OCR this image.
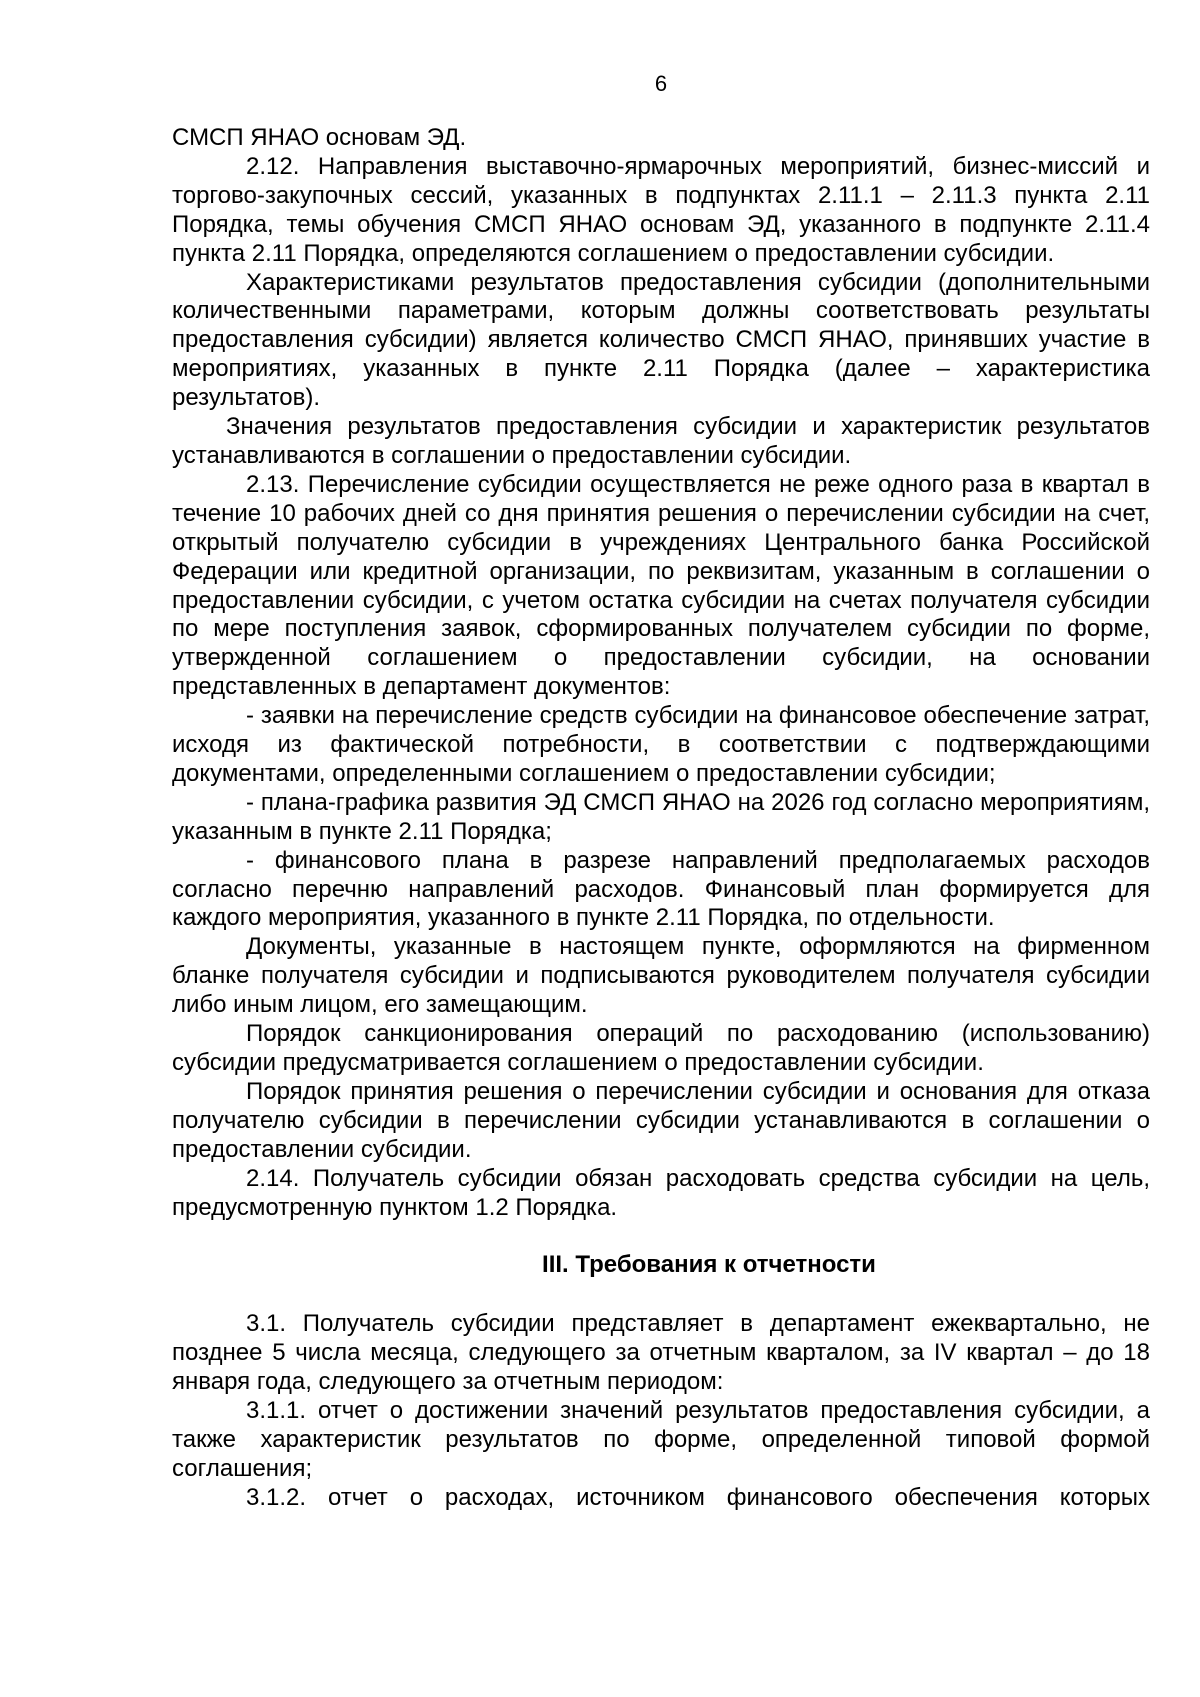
6

СМСП ЯНАО основам ЭД.

2.12. Направления выставочно-ярмарочных мероприятий, бизнес-миссий и торгово-закупочных сессий, указанных в подпунктах 2.11.1 – 2.11.3 пункта 2.11 Порядка, темы обучения СМСП ЯНАО основам ЭД, указанного в подпункте 2.11.4 пункта 2.11 Порядка, определяются соглашением о предоставлении субсидии.

Характеристиками результатов предоставления субсидии (дополнительными количественными параметрами, которым должны соответствовать результаты предоставления субсидии) является количество СМСП ЯНАО, принявших участие в мероприятиях, указанных в пункте 2.11 Порядка (далее – характеристика результатов).

Значения результатов предоставления субсидии и характеристик результатов устанавливаются в соглашении о предоставлении субсидии.

2.13. Перечисление субсидии осуществляется не реже одного раза в квартал в течение 10 рабочих дней со дня принятия решения о перечислении субсидии на счет, открытый получателю субсидии в учреждениях Центрального банка Российской Федерации или кредитной организации, по реквизитам, указанным в соглашении о предоставлении субсидии, с учетом остатка субсидии на счетах получателя субсидии по мере поступления заявок, сформированных получателем субсидии по форме, утвержденной соглашением о предоставлении субсидии, на основании представленных в департамент документов:

- заявки на перечисление средств субсидии на финансовое обеспечение затрат, исходя из фактической потребности, в соответствии с подтверждающими документами, определенными соглашением о предоставлении субсидии;

- плана-графика развития ЭД СМСП ЯНАО на 2026 год согласно мероприятиям, указанным в пункте 2.11 Порядка;

- финансового плана в разрезе направлений предполагаемых расходов согласно перечню направлений расходов. Финансовый план формируется для каждого мероприятия, указанного в пункте 2.11 Порядка, по отдельности.

Документы, указанные в настоящем пункте, оформляются на фирменном бланке получателя субсидии и подписываются руководителем получателя субсидии либо иным лицом, его замещающим.

Порядок санкционирования операций по расходованию (использованию) субсидии предусматривается соглашением о предоставлении субсидии.

Порядок принятия решения о перечислении субсидии и основания для отказа получателю субсидии в перечислении субсидии устанавливаются в соглашении о предоставлении субсидии.

2.14. Получатель субсидии обязан расходовать средства субсидии на цель, предусмотренную пунктом 1.2 Порядка.

III. Требования к отчетности

3.1. Получатель субсидии представляет в департамент ежеквартально, не позднее 5 числа месяца, следующего за отчетным кварталом, за IV квартал – до 18 января года, следующего за отчетным периодом:

3.1.1. отчет о достижении значений результатов предоставления субсидии, а также характеристик результатов по форме, определенной типовой формой соглашения;

3.1.2. отчет о расходах, источником финансового обеспечения которых
